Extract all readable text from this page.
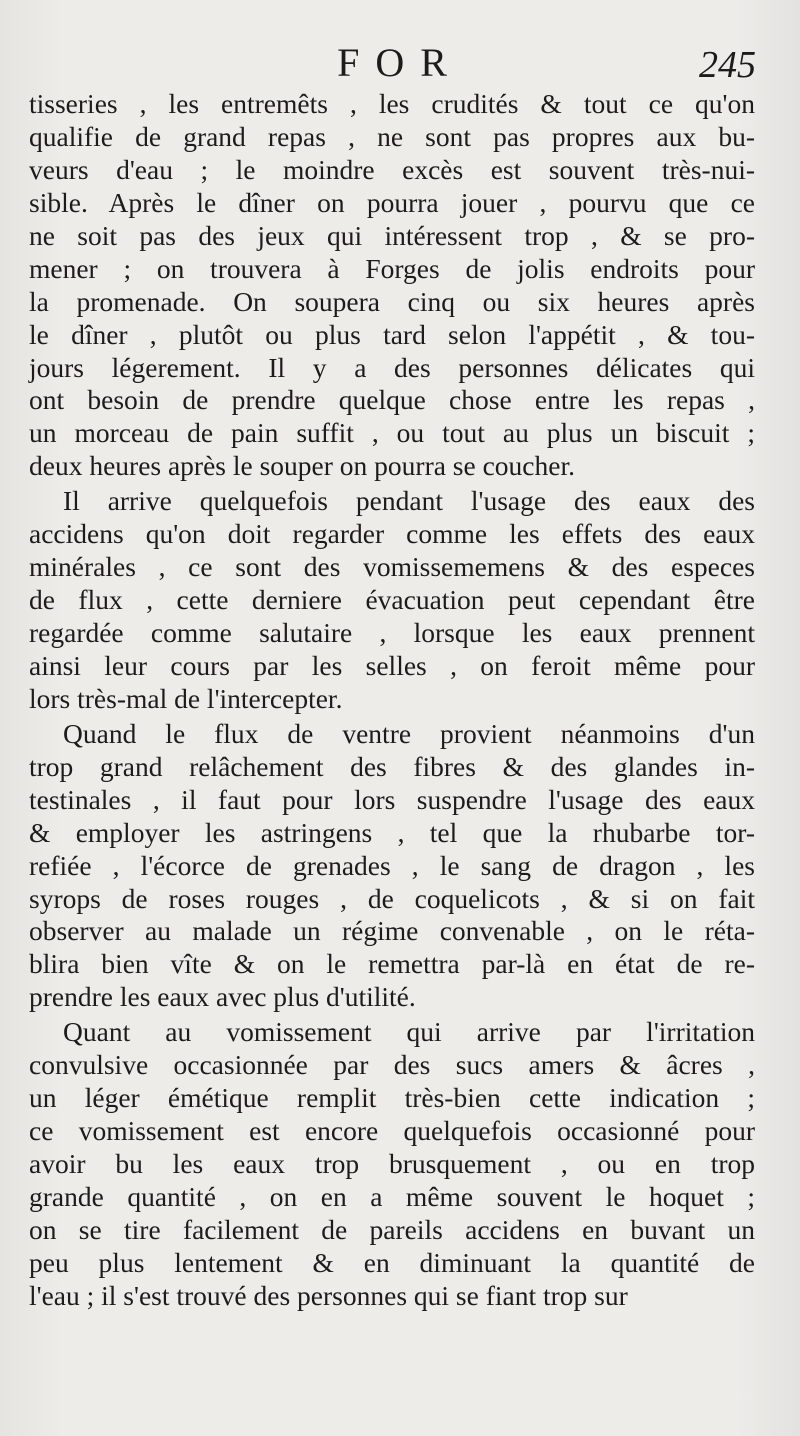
FOR	245
tisseries , les entremêts , les crudités & tout ce qu'on
qualifie de grand repas , ne sont pas propres aux bu-
veurs d'eau ; le moindre excès est souvent très-nui-
sible. Après le dîner on pourra jouer , pourvu que ce
ne soit pas des jeux qui intéressent trop , & se pro-
mener ; on trouvera à Forges de jolis endroits pour
la promenade. On soupera cinq ou six heures après
le dîner , plutôt ou plus tard selon l'appétit , & tou-
jours légerement. Il y a des personnes délicates qui
ont besoin de prendre quelque chose entre les repas ,
un morceau de pain suffit , ou tout au plus un biscuit ;
deux heures après le souper on pourra se coucher.
Il arrive quelquefois pendant l'usage des eaux des
accidens qu'on doit regarder comme les effets des eaux
minérales , ce sont des vomissememens & des especes
de flux , cette derniere évacuation peut cependant être
regardée comme salutaire , lorsque les eaux prennent
ainsi leur cours par les selles , on feroit même pour
lors très-mal de l'intercepter.
Quand le flux de ventre provient néanmoins d'un
trop grand relâchement des fibres & des glandes in-
testinales , il faut pour lors suspendre l'usage des eaux
& employer les astringens , tel que la rhubarbe tor-
refiée , l'écorce de grenades , le sang de dragon , les
syrops de roses rouges , de coquelicots , & si on fait
observer au malade un régime convenable , on le réta-
blira bien vîte & on le remettra par-là en état de re-
prendre les eaux avec plus d'utilité.
Quant au vomissement qui arrive par l'irritation
convulsive occasionnée par des sucs amers & âcres ,
un léger émétique remplit très-bien cette indication ;
ce vomissement est encore quelquefois occasionné pour
avoir bu les eaux trop brusquement , ou en trop
grande quantité , on en a même souvent le hoquet ;
on se tire facilement de pareils accidens en buvant un
peu plus lentement & en diminuant la quantité de
l'eau ; il s'est trouvé des personnes qui se fiant trop sur
